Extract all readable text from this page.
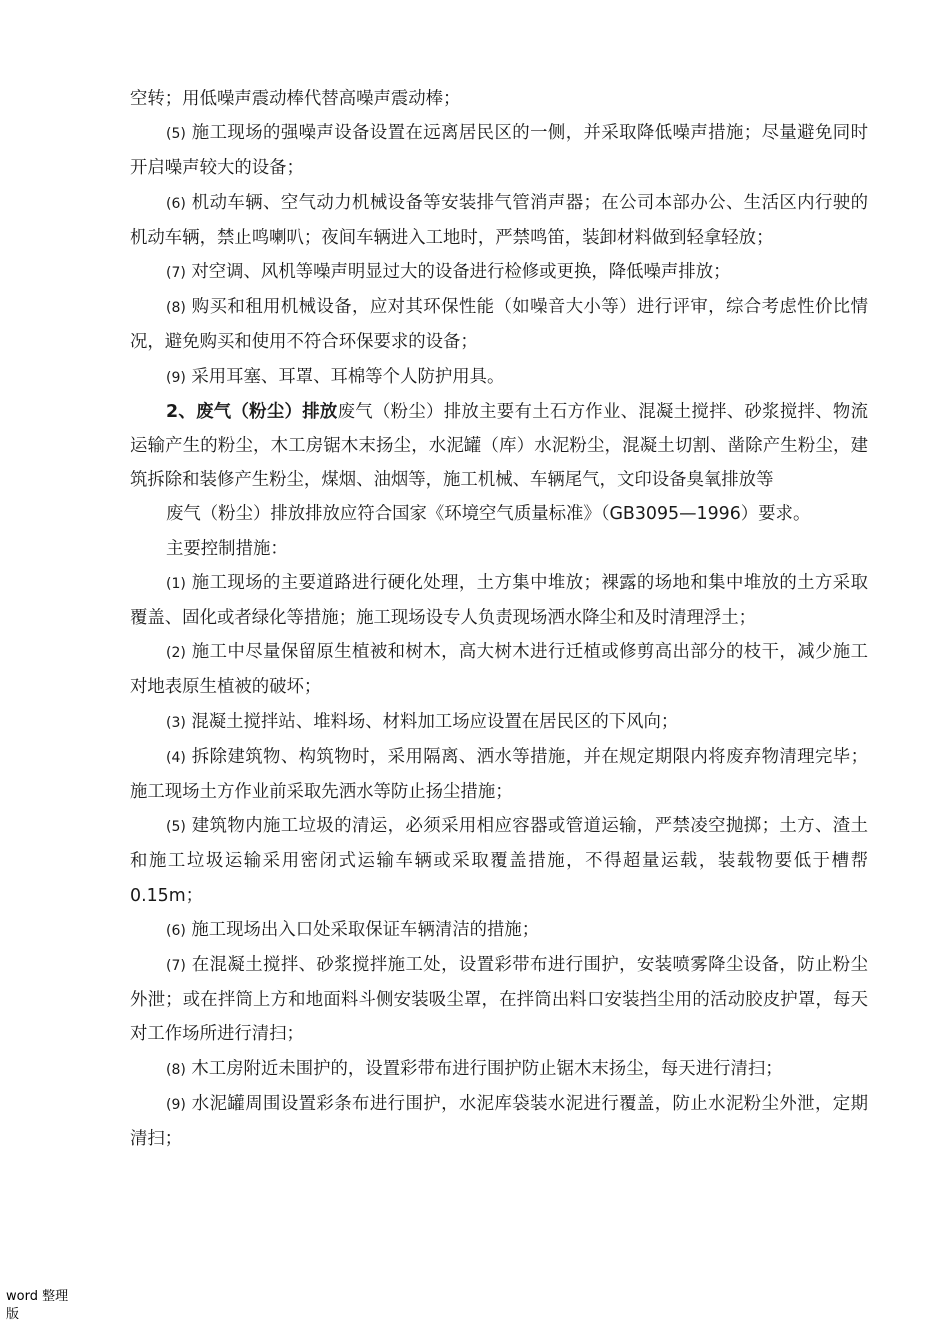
空转；用低噪声震动棒代替高噪声震动棒；

(5) 施工现场的强噪声设备设置在远离居民区的一侧，并采取降低噪声措施；尽量避免同时开启噪声较大的设备；

(6) 机动车辆、空气动力机械设备等安装排气管消声器；在公司本部办公、生活区内行驶的机动车辆，禁止鸣喇叭；夜间车辆进入工地时，严禁鸣笛，装卸材料做到轻拿轻放；

(7) 对空调、风机等噪声明显过大的设备进行检修或更换，降低噪声排放；

(8) 购买和租用机械设备，应对其环保性能（如噪音大小等）进行评审，综合考虑性价比情况，避免购买和使用不符合环保要求的设备；

(9) 采用耳塞、耳罩、耳棉等个人防护用具。

2、废气（粉尘）排放废气（粉尘）排放主要有土石方作业、混凝土搅拌、砂浆搅拌、物流运输产生的粉尘，木工房锯木末扬尘，水泥罐（库）水泥粉尘，混凝土切割、凿除产生粉尘，建筑拆除和装修产生粉尘，煤烟、油烟等，施工机械、车辆尾气，文印设备臭氧排放等

废气（粉尘）排放排放应符合国家《环境空气质量标准》（GB3095—1996）要求。

主要控制措施：

(1) 施工现场的主要道路进行硬化处理，土方集中堆放；裸露的场地和集中堆放的土方采取覆盖、固化或者绿化等措施；施工现场设专人负责现场洒水降尘和及时清理浮土；

(2) 施工中尽量保留原生植被和树木，高大树木进行迁植或修剪高出部分的枝干，减少施工对地表原生植被的破坏；

(3) 混凝土搅拌站、堆料场、材料加工场应设置在居民区的下风向；

(4) 拆除建筑物、构筑物时，采用隔离、洒水等措施，并在规定期限内将废弃物清理完毕；施工现场土方作业前采取先洒水等防止扬尘措施；

(5) 建筑物内施工垃圾的清运，必须采用相应容器或管道运输，严禁凌空抛掷；土方、渣土和施工垃圾运输采用密闭式运输车辆或采取覆盖措施，不得超量运载，装载物要低于槽帮 0.15m；

(6) 施工现场出入口处采取保证车辆清洁的措施；

(7) 在混凝土搅拌、砂浆搅拌施工处，设置彩带布进行围护，安装喷雾降尘设备，防止粉尘外泄；或在拌筒上方和地面料斗侧安装吸尘罩，在拌筒出料口安装挡尘用的活动胶皮护罩，每天对工作场所进行清扫；

(8) 木工房附近未围护的，设置彩带布进行围护防止锯木末扬尘，每天进行清扫；

(9) 水泥罐周围设置彩条布进行围护，水泥库袋装水泥进行覆盖，防止水泥粉尘外泄，定期清扫；

word 整理版
